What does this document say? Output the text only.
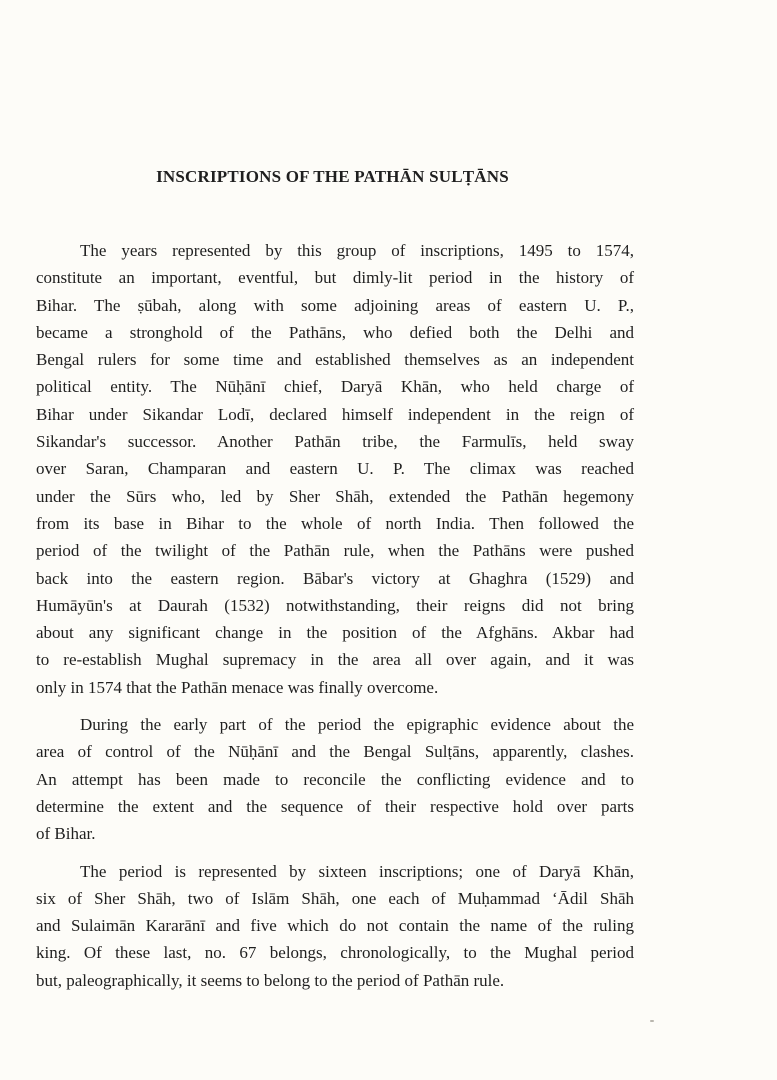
INSCRIPTIONS OF THE PATHĀN SULṬĀNS
The years represented by this group of inscriptions, 1495 to 1574,
constitute an important, eventful, but dimly-lit period in the history of
Bihar. The ṣūbah, along with some adjoining areas of eastern U. P.,
became a stronghold of the Pathāns, who defied both the Delhi and
Bengal rulers for some time and established themselves as an independent
political entity. The Nūḥānī chief, Daryā Khān, who held charge of
Bihar under Sikandar Lodī, declared himself independent in the reign of
Sikandar's successor. Another Pathān tribe, the Farmulīs, held sway
over Saran, Champaran and eastern U. P. The climax was reached
under the Sūrs who, led by Sher Shāh, extended the Pathān hegemony
from its base in Bihar to the whole of north India. Then followed the
period of the twilight of the Pathān rule, when the Pathāns were pushed
back into the eastern region. Bābar's victory at Ghaghra (1529) and
Humāyūn's at Daurah (1532) notwithstanding, their reigns did not bring
about any significant change in the position of the Afghāns. Akbar had
to re-establish Mughal supremacy in the area all over again, and it was
only in 1574 that the Pathān menace was finally overcome.
During the early part of the period the epigraphic evidence about the
area of control of the Nūḥānī and the Bengal Sulṭāns, apparently, clashes.
An attempt has been made to reconcile the conflicting evidence and to
determine the extent and the sequence of their respective hold over parts
of Bihar.
The period is represented by sixteen inscriptions; one of Daryā Khān,
six of Sher Shāh, two of Islām Shāh, one each of Muḥammad ʻĀdil Shāh
and Sulaimān Kararānī and five which do not contain the name of the ruling
king. Of these last, no. 67 belongs, chronologically, to the Mughal period
but, paleographically, it seems to belong to the period of Pathān rule.
